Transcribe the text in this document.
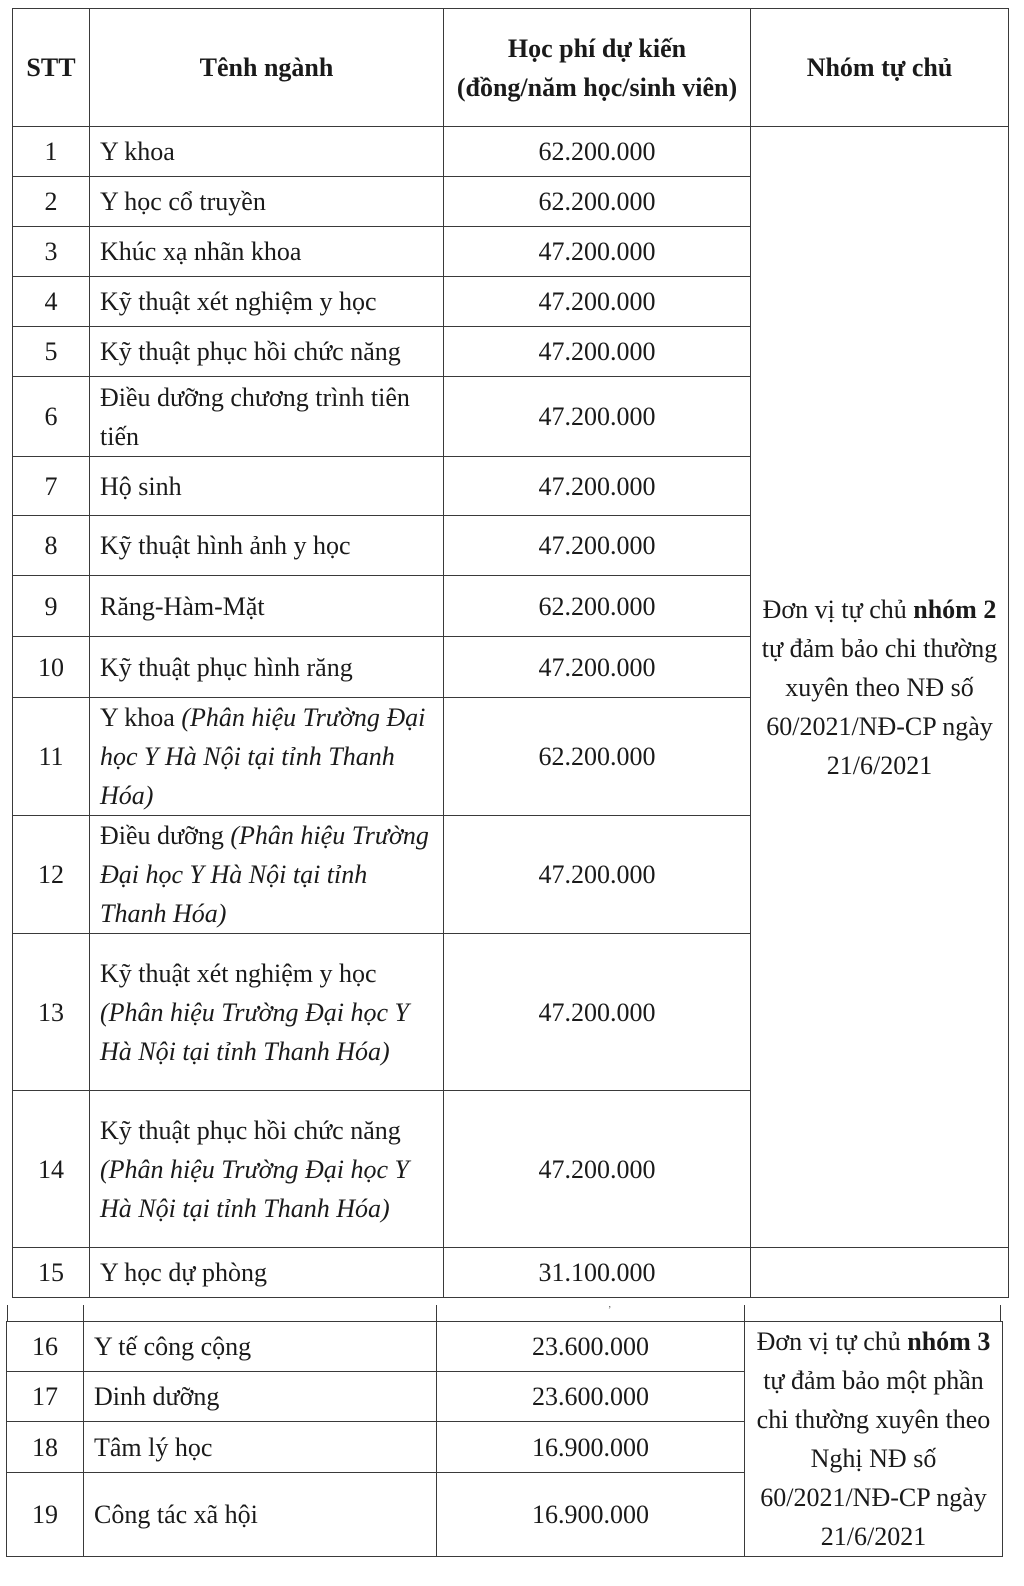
STT	Tênh ngành	Học phí dự kiến (đồng/năm học/sinh viên)	Nhóm tự chủ
1	Y khoa	62.200.000	Đơn vị tự chủ nhóm 2 tự đảm bảo chi thường xuyên theo NĐ số 60/2021/NĐ-CP ngày 21/6/2021
2	Y học cổ truyền	62.200.000	
3	Khúc xạ nhãn khoa	47.200.000	
4	Kỹ thuật xét nghiệm y học	47.200.000	
5	Kỹ thuật phục hồi chức năng	47.200.000	
6	Điều dưỡng chương trình tiên tiến	47.200.000	
7	Hộ sinh	47.200.000	
8	Kỹ thuật hình ảnh y học	47.200.000	
9	Răng-Hàm-Mặt	62.200.000	
10	Kỹ thuật phục hình răng	47.200.000	
11	Y khoa (Phân hiệu Trường Đại học Y Hà Nội tại tỉnh Thanh Hóa)	62.200.000	
12	Điều dưỡng (Phân hiệu Trường Đại học Y Hà Nội tại tỉnh Thanh Hóa)	47.200.000	
13	Kỹ thuật xét nghiệm y học (Phân hiệu Trường Đại học Y Hà Nội tại tỉnh Thanh Hóa)	47.200.000	
14	Kỹ thuật phục hồi chức năng (Phân hiệu Trường Đại học Y Hà Nội tại tỉnh Thanh Hóa)	47.200.000	
15	Y học dự phòng	31.100.000	
ʼ
16	Y tế công cộng	23.600.000	Đơn vị tự chủ nhóm 3 tự đảm bảo một phần chi thường xuyên theo Nghị NĐ số 60/2021/NĐ-CP ngày 21/6/2021
17	Dinh dưỡng	23.600.000	
18	Tâm lý học	16.900.000	
19	Công tác xã hội	16.900.000	
